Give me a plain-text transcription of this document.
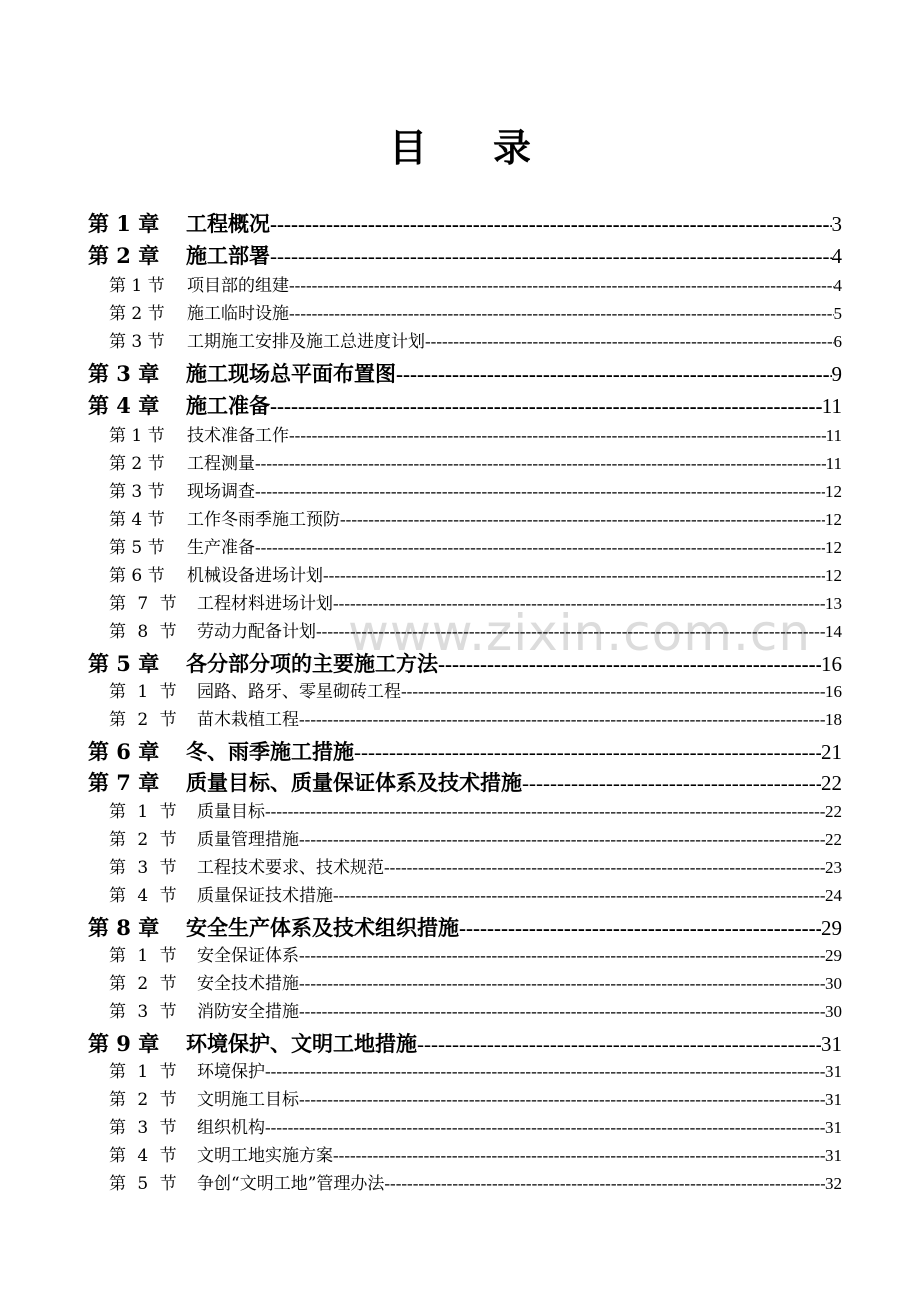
目 录
www.zixin.com.cn
第 1 章 工程概况 -----	3
第 2 章 施工部署 -----	4
第 1 节 项目部的组建 -----	4
第 2 节 施工临时设施 -----	5
第 3 节 工期施工安排及施工总进度计划 -----	6
第 3 章 施工现场总平面布置图 -----	9
第 4 章 施工准备 -----	11
第 1 节 技术准备工作 -----	11
第 2 节 工程测量 -----	11
第 3 节 现场调查 -----	12
第 4 节 工作冬雨季施工预防 -----	12
第 5 节 生产准备 -----	12
第 6 节 机械设备进场计划 -----	12
第 7 节 工程材料进场计划 -----	13
第 8 节 劳动力配备计划 -----	14
第 5 章 各分部分项的主要施工方法 -----	16
第 1 节 园路、路牙、零星砌砖工程 -----	16
第 2 节 苗木栽植工程 -----	18
第 6 章 冬、雨季施工措施 -----	21
第 7 章 质量目标、质量保证体系及技术措施 -----	22
第 1 节 质量目标 -----	22
第 2 节 质量管理措施 -----	22
第 3 节 工程技术要求、技术规范 -----	23
第 4 节 质量保证技术措施 -----	24
第 8 章 安全生产体系及技术组织措施 -----	29
第 1 节 安全保证体系 -----	29
第 2 节 安全技术措施 -----	30
第 3 节 消防安全措施 -----	30
第 9 章 环境保护、文明工地措施 -----	31
第 1 节 环境保护 -----	31
第 2 节 文明施工目标 -----	31
第 3 节 组织机构 -----	31
第 4 节 文明工地实施方案 -----	31
第 5 节 争创“文明工地”管理办法 -----	32
